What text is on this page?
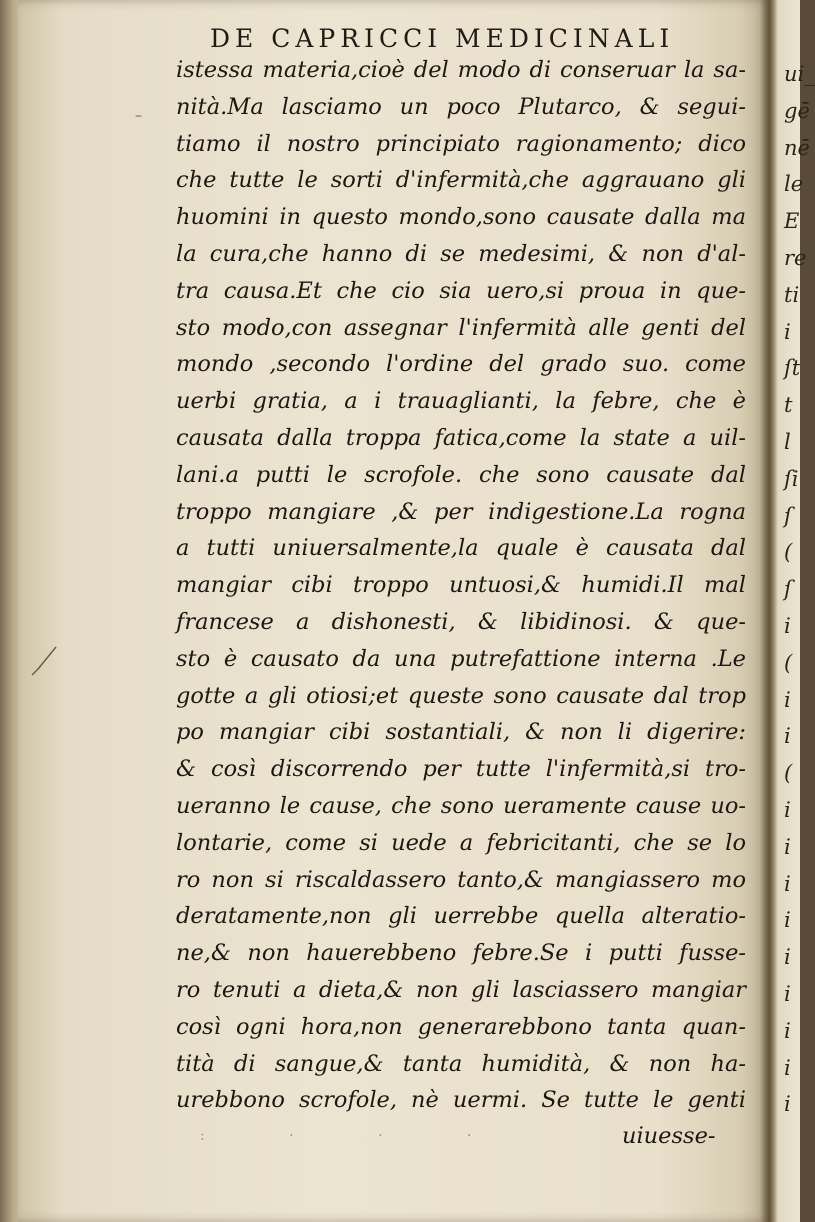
DE CAPRICCI MEDICINALI
–
istessa materia,cioè del modo di conseruar la sa-
nità.Ma lasciamo un poco Plutarco, & segui-
tiamo il nostro principiato ragionamento; dico
che tutte le sorti d'infermità,che aggrauano gli
huomini in questo mondo,sono causate dalla ma
la cura,che hanno di se medesimi, & non d'al-
tra causa.Et che cio sia uero,si proua in que-
sto modo,con assegnar l'infermità alle genti del
mondo ,secondo l'ordine del grado suo. come
uerbi gratia, a i trauaglianti, la febre, che è
causata dalla troppa fatica,come la state a uil-
lani.a putti le scrofole. che sono causate dal
troppo mangiare ,& per indigestione.La rogna
a tutti uniuersalmente,la quale è causata dal
mangiar cibi troppo untuosi,& humidi.Il mal
francese a dishonesti, & libidinosi. & que-
sto è causato da una putrefattione interna .Le
gotte a gli otiosi;et queste sono causate dal trop
po mangiar cibi sostantiali, & non li digerire:
& così discorrendo per tutte l'infermità,si tro-
ueranno le cause, che sono ueramente cause uo-
lontarie, come si uede a febricitanti, che se lo
ro non si riscaldassero tanto,& mangiassero mo
deratamente,non gli uerrebbe quella alteratio-
ne,& non hauerebbeno febre.Se i putti fusse-
ro tenuti a dieta,& non gli lasciassero mangiar
così ogni hora,non generarebbono tanta quan-
tità di sangue,& tanta humidità, & non ha-
urebbono scrofole, nè uermi. Se tutte le genti
uiuesse-
: · · ·
ui_
gē
nē
le
E
re
ti
i
ſt
t
l
ſi
ſ
(
ſ
i
(
i
i
(
i
i
i
i
i
i
i
i
i
